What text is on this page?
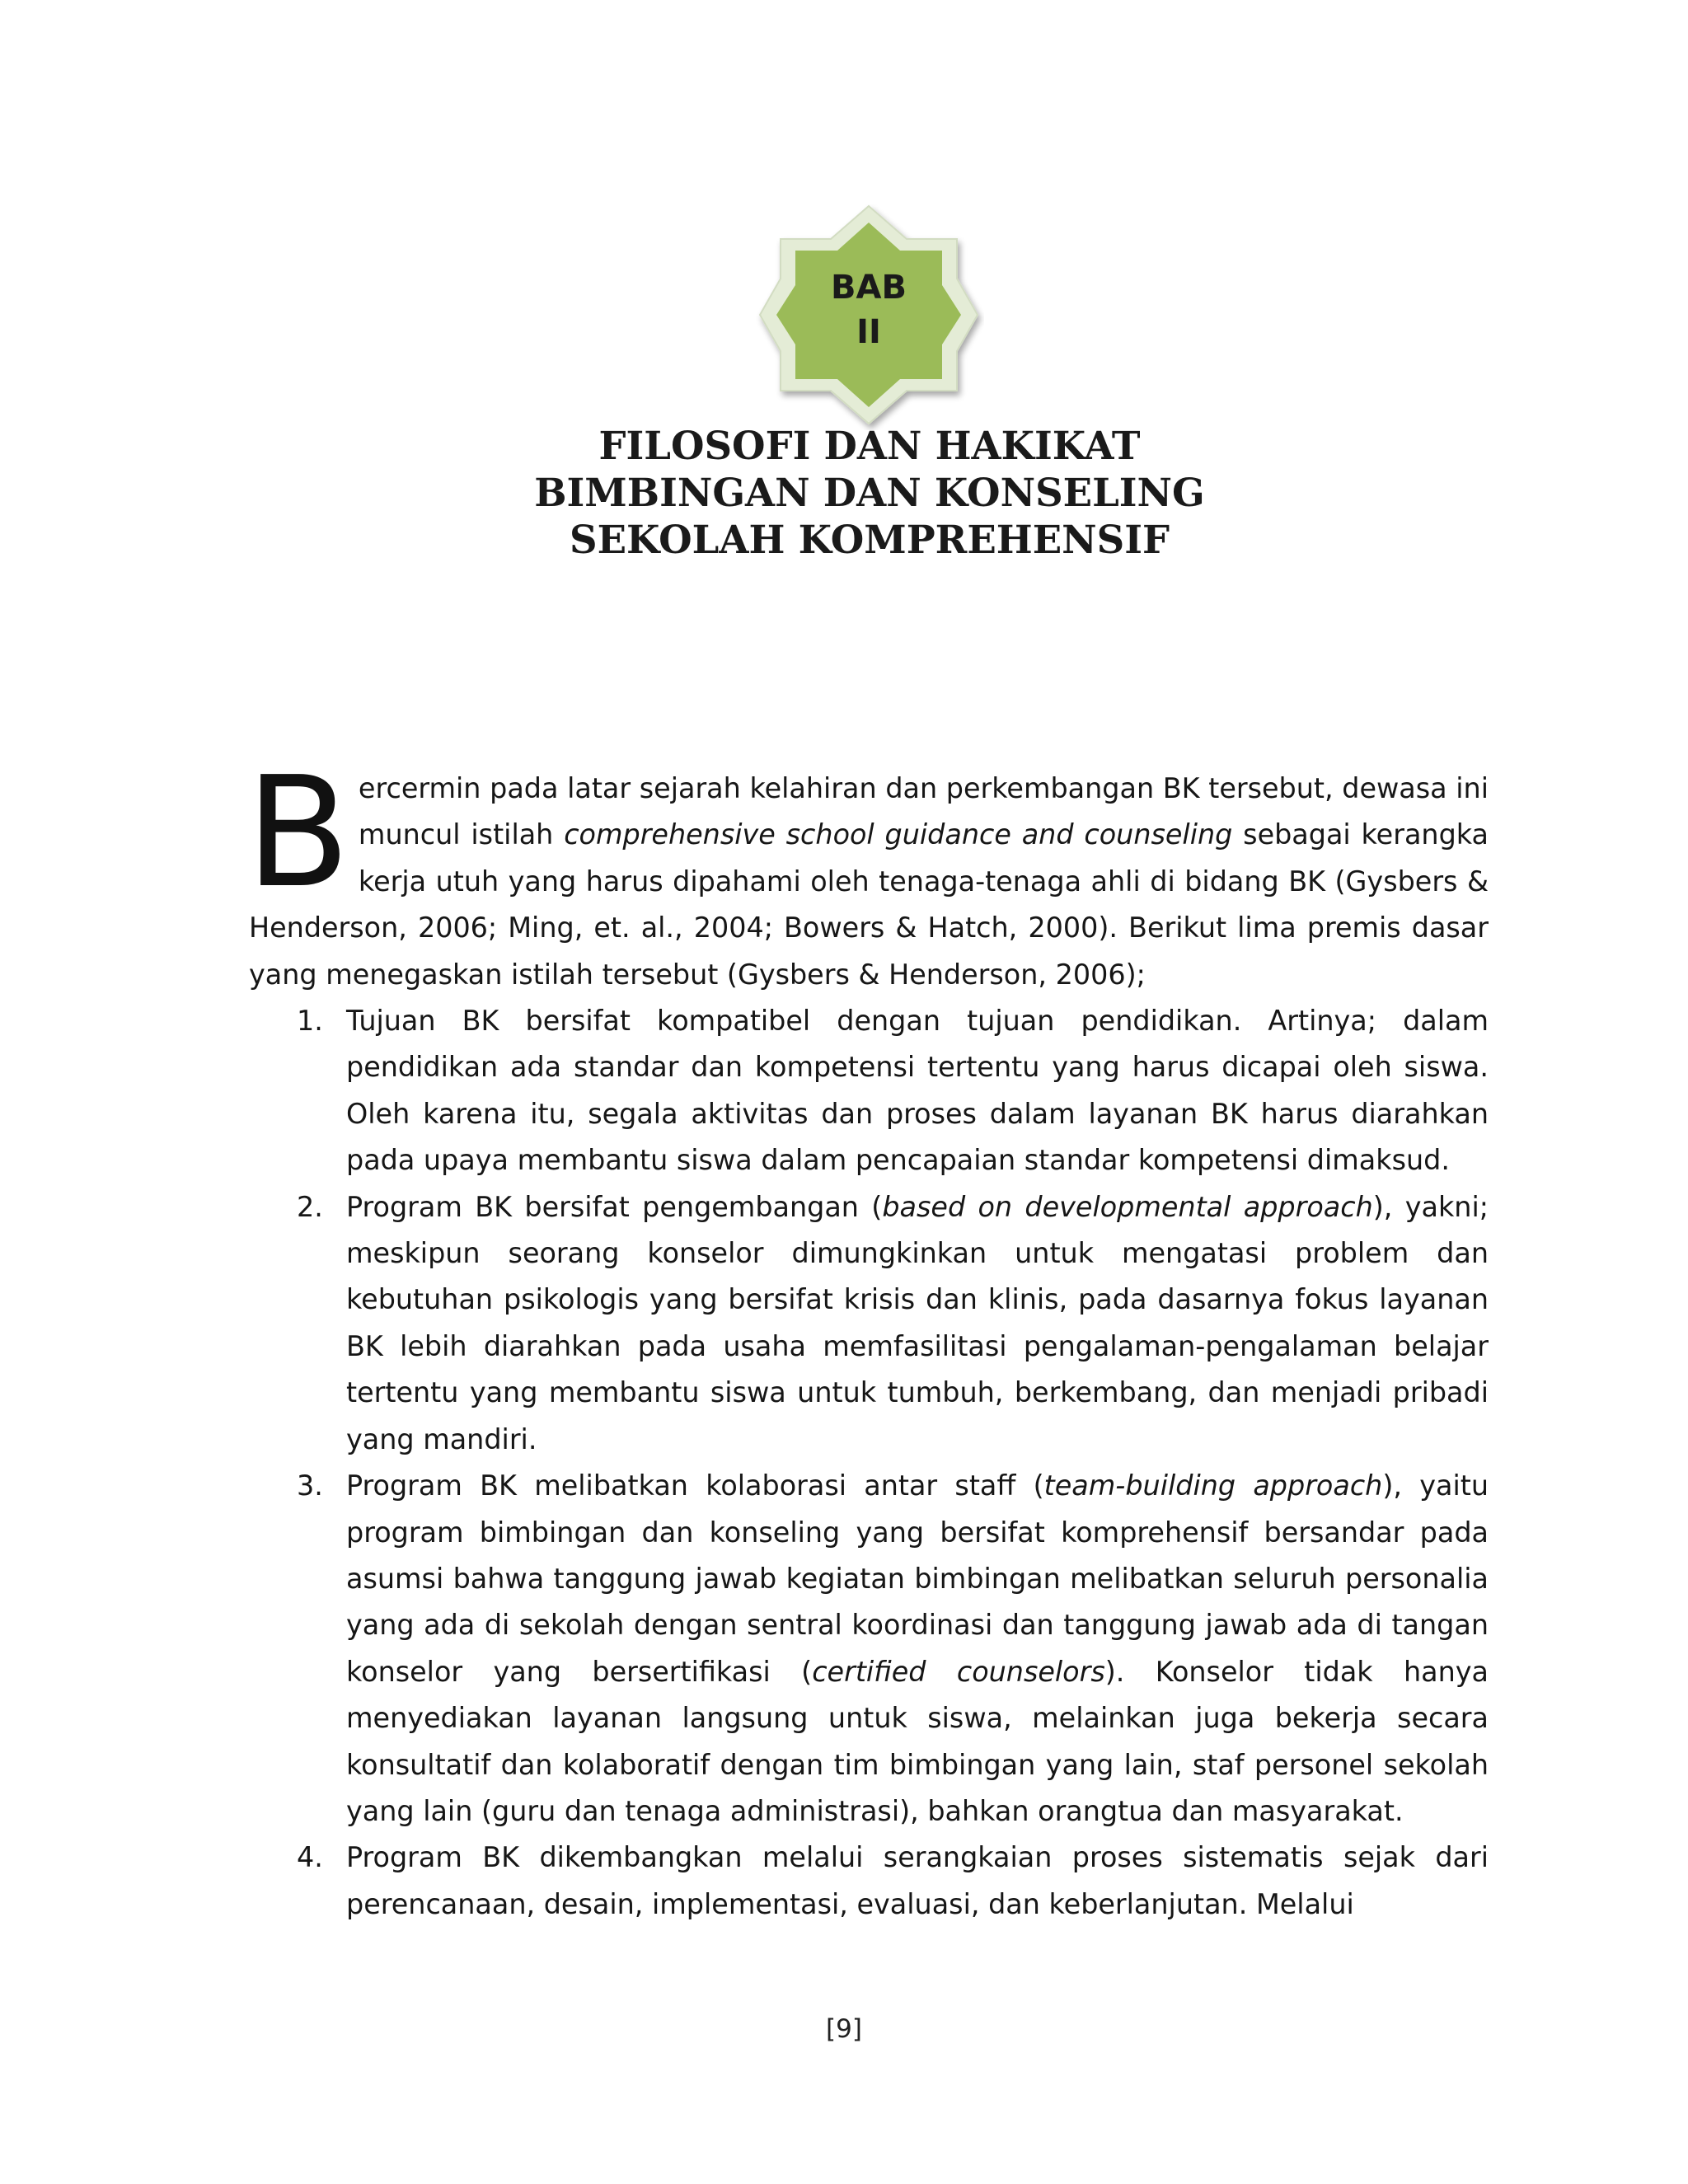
BAB
II
FILOSOFI DAN HAKIKAT
BIMBINGAN DAN KONSELING
SEKOLAH KOMPREHENSIF

Bercermin pada latar sejarah kelahiran dan perkembangan BK tersebut, dewasa ini muncul istilah comprehensive school guidance and counseling sebagai kerangka kerja utuh yang harus dipahami oleh tenaga-tenaga ahli di bidang BK (Gysbers & Henderson, 2006; Ming, et. al., 2004; Bowers & Hatch, 2000). Berikut lima premis dasar yang menegaskan istilah tersebut (Gysbers & Henderson, 2006);

1. Tujuan BK bersifat kompatibel dengan tujuan pendidikan. Artinya; dalam pendidikan ada standar dan kompetensi tertentu yang harus dicapai oleh siswa. Oleh karena itu, segala aktivitas dan proses dalam layanan BK harus diarahkan pada upaya membantu siswa dalam pencapaian standar kompetensi dimaksud.
2. Program BK bersifat pengembangan (based on developmental approach), yakni; meskipun seorang konselor dimungkinkan untuk mengatasi problem dan kebutuhan psikologis yang bersifat krisis dan klinis, pada dasarnya fokus layanan BK lebih diarahkan pada usaha memfasilitasi pengalaman-pengalaman belajar tertentu yang membantu siswa untuk tumbuh, berkembang, dan menjadi pribadi yang mandiri.
3. Program BK melibatkan kolaborasi antar staff (team-building approach), yaitu program bimbingan dan konseling yang bersifat komprehensif bersandar pada asumsi bahwa tanggung jawab kegiatan bimbingan melibatkan seluruh personalia yang ada di sekolah dengan sentral koordinasi dan tanggung jawab ada di tangan konselor yang bersertifikasi (certified counselors). Konselor tidak hanya menyediakan layanan langsung untuk siswa, melainkan juga bekerja secara konsultatif dan kolaboratif dengan tim bimbingan yang lain, staf personel sekolah yang lain (guru dan tenaga administrasi), bahkan orangtua dan masyarakat.
4. Program BK dikembangkan melalui serangkaian proses sistematis sejak dari perencanaan, desain, implementasi, evaluasi, dan keberlanjutan. Melalui
[9]
